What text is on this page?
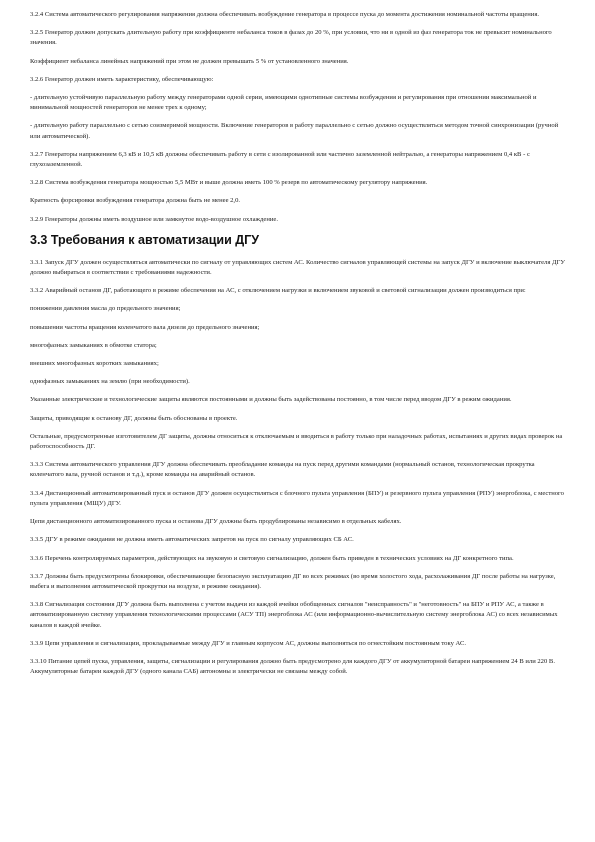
3.2.4 Система автоматического регулирования напряжения должна обеспечивать возбуждение генератора в процессе пуска до момента достижения номинальной частоты вращения.

3.2.5 Генератор должен допускать длительную работу при коэффициенте небаланса токов в фазах до 20 %, при условии, что ни в одной из фаз генератора ток не превысит номинального значения.

Коэффициент небаланса линейных напряжений при этом не должен превышать 5 % от установленного значения.

3.2.6 Генератор должен иметь характеристику, обеспечивающую:

- длительную устойчивую параллельную работу между генераторами одной серии, имеющими однотипные системы возбуждения и регулирования при отношении максимальной и минимальной мощностей генераторов не менее трех к одному;

- длительную работу параллельно с сетью соизмеримой мощности. Включение генераторов в работу параллельно с сетью должно осуществляться методом точной синхронизации (ручной или автоматической).

3.2.7 Генераторы напряжением 6,3 кВ и 10,5 кВ должны обеспечивать работу в сети с изолированной или частично заземленной нейтралью, а генераторы напряжением 0,4 кВ - с глухозаземленной.

3.2.8 Система возбуждения генератора мощностью 5,5 МВт и выше должна иметь 100 % резерв по автоматическому регулятору напряжения.

Кратность форсировки возбуждения генератора должна быть не менее 2,0.

3.2.9 Генераторы должны иметь воздушное или замкнутое водо-воздушное охлаждение.

3.3 Требования к автоматизации ДГУ

3.3.1 Запуск ДГУ должен осуществляться автоматически по сигналу от управляющих систем АС. Количество сигналов управляющей системы на запуск ДГУ и включение выключателя ДГУ должно выбираться в соответствии с требованиями надежности.

3.3.2 Аварийный останов ДГ, работающего в режиме обеспечения на АС, с отключением нагрузки и включением звуковой и световой сигнализации должен производиться при:

понижении давления масла до предельного значения;

повышении частоты вращения коленчатого вала дизеля до предельного значения;

многофазных замыканиях в обмотке статора;

внешних многофазных коротких замыканиях;

однофазных замыканиях на землю (при необходимости).

Указанные электрические и технологические защиты являются постоянными и должны быть задействованы постоянно, в том числе перед вводом ДГУ в режим ожидания.

Защиты, приводящие к останову ДГ, должны быть обоснованы в проекте.

Остальные, предусмотренные изготовителем ДГ защиты, должны относиться к отключаемым и вводиться в работу только при наладочных работах, испытаниях и других видах проверок на работоспособность ДГ.

3.3.3 Система автоматического управления ДГУ должна обеспечивать преобладание команды на пуск перед другими командами (нормальный останов, технологическая прокрутка коленчатого вала, ручной останов и т.д.), кроме команды на аварийный останов.

3.3.4 Дистанционный автоматизированный пуск и останов ДГУ должен осуществляться с блочного пульта управления (БПУ) и резервного пульта управления (РПУ) энергоблока, с местного пульта управления (МЩУ) ДГУ.

Цепи дистанционного автоматизированного пуска и останова ДГУ должны быть продублированы независимо в отдельных кабелях.

3.3.5 ДГУ в режиме ожидания не должна иметь автоматических запретов на пуск по сигналу управляющих СБ АС.

3.3.6 Перечень контролируемых параметров, действующих на звуковую и световую сигнализацию, должен быть приведен в технических условиях на ДГ конкретного типа.

3.3.7 Должны быть предусмотрены блокировки, обеспечивающие безопасную эксплуатацию ДГ во всех режимах (во время холостого хода, расхолаживания ДГ после работы на нагрузке, выбега и выполнения автоматической прокрутки на воздухе, в режиме ожидания).

3.3.8 Сигнализация состояния ДГУ должна быть выполнена с учетом выдачи из каждой ячейки обобщенных сигналов "неисправность" и "неготовность" на БПУ и РПУ АС, а также в автоматизированную систему управления технологическими процессами (АСУ ТП) энергоблока АС (или информационно-вычислительную систему энергоблока АС) со всех независимых каналов в каждой ячейке.

3.3.9 Цепи управления и сигнализации, прокладываемые между ДГУ и главным корпусом АС, должны выполняться по огнестойким постоянным току АС.

3.3.10 Питание цепей пуска, управления, защиты, сигнализации и регулирования должно быть предусмотрено для каждого ДГУ от аккумуляторной батареи напряжением 24 В или 220 В. Аккумуляторные батареи каждой ДГУ (одного канала САБ) автономны и электрически не связаны между собой.
